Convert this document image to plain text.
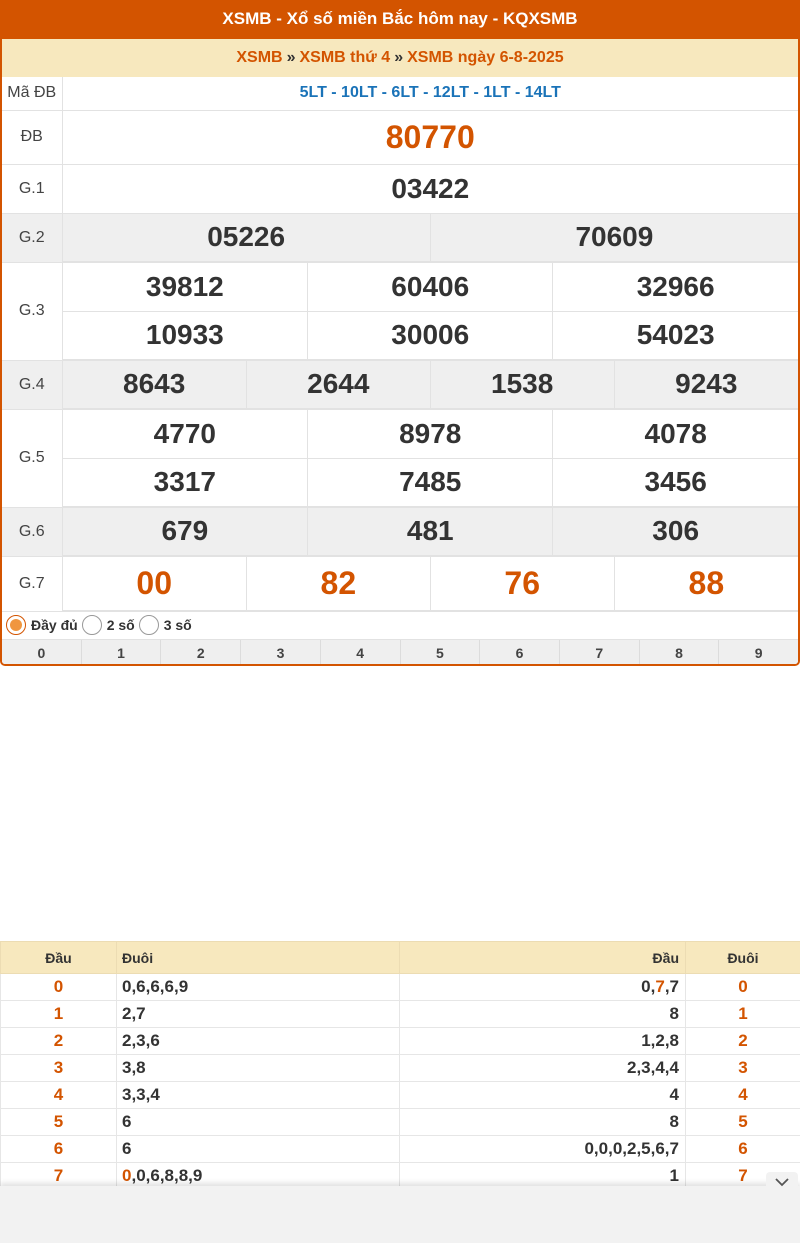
XSMB - Xổ số miền Bắc hôm nay - KQXSMB
XSMB » XSMB thứ 4 » XSMB ngày 6-8-2025
Mã ĐB	5LT - 10LT - 6LT - 12LT - 1LT - 14LT
ĐB	80770
G.1	03422
G.2		05226	70609

G.3	
39812	60406	32966
10933	30006	54023

G.4		8643	2644	1538	9243

G.5	
4770	8978	4078
3317	7485	3456

G.6		679	481	306

G.7		00	82	76	88
Đầy đủ 2 số 3 số
0	1	2	3	4	5	6	7	8	9
Đầu	Đuôi	Đầu	Đuôi
0	0,6,6,6,9	0,7,7	0
1	2,7	8	1
2	2,3,6	1,2,8	2
3	3,8	2,3,4,4	3
4	3,3,4	4	4
5	6	8	5
6	6	0,0,0,2,5,6,7	6
7	0,0,6,8,8,9	1	7
